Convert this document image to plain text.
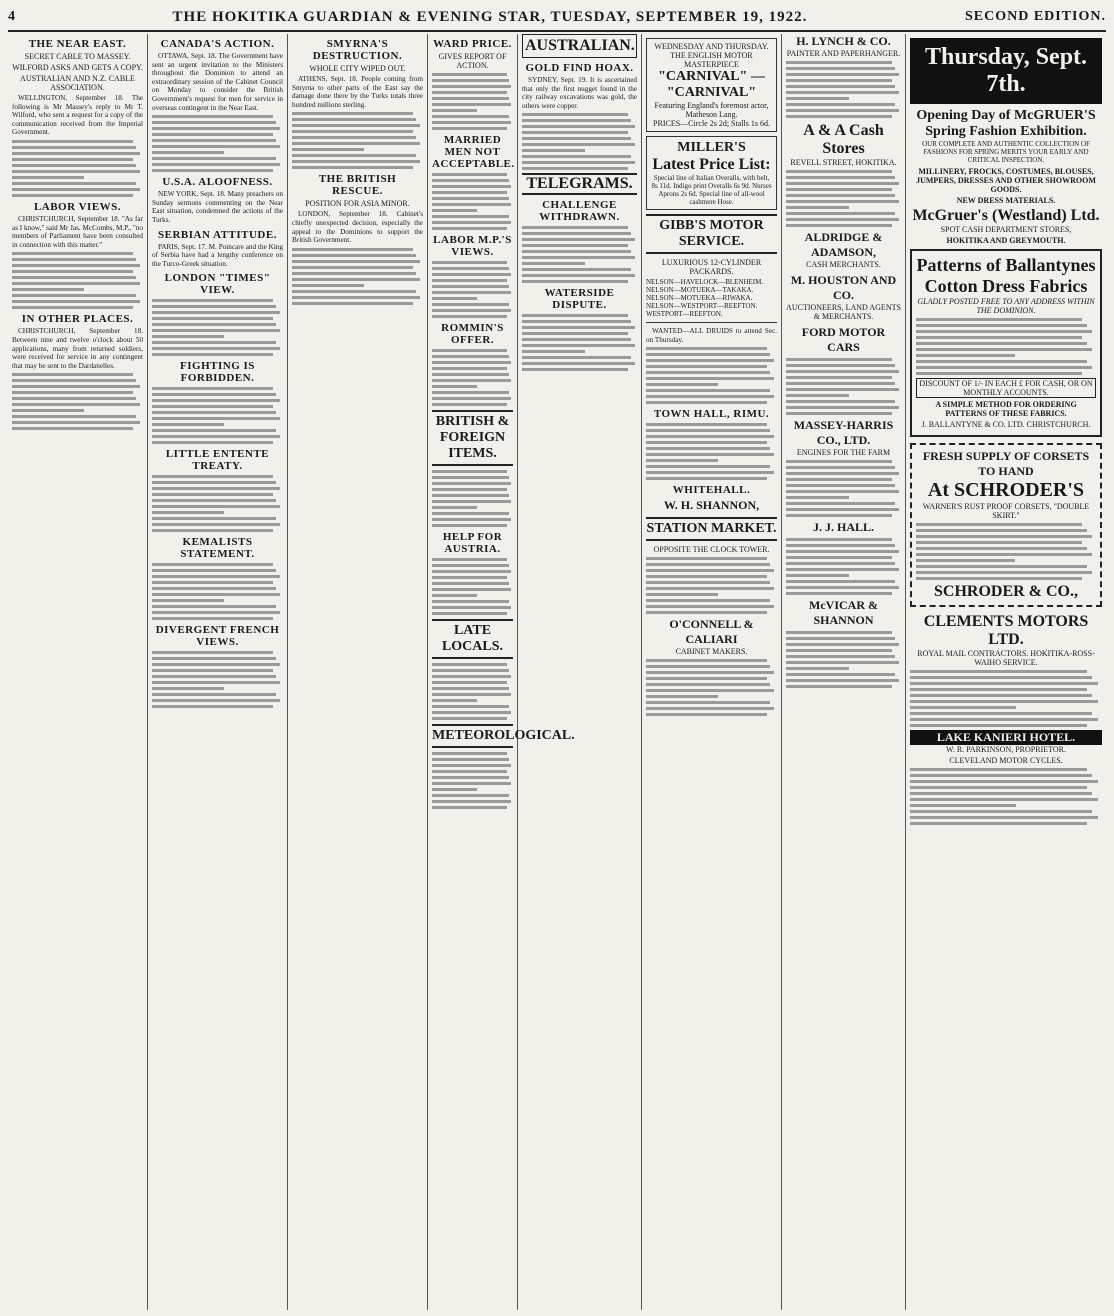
4	THE HOKITIKA GUARDIAN & EVENING STAR, TUESDAY, SEPTEMBER 19, 1922.	SECOND EDITION.
THE NEAR EAST.
SECRET CABLE TO MASSEY.
WILFORD ASKS AND GETS A COPY.
AUSTRALIAN AND N.Z. CABLE ASSOCIATION.

WELLINGTON, September 18. The following is Mr Massey's reply to Mr T. Wilford, who sent a request for a copy of the communication received from the Imperial Government.

LABOR VIEWS.

CHRISTCHURCH, September 18. "As far as I know," said Mr Jas. McCombs, M.P., "no members of Parliament have been consulted in connection with this matter."

IN OTHER PLACES.

CHRISTCHURCH, September 18. Between nine and twelve o'clock about 50 applications, many from returned soldiers, were received for service in any contingent that may be sent to the Dardanelles.

CANADA'S ACTION.

OTTAWA, Sept. 18. The Government have sent an urgent invitation to the Ministers throughout the Dominion to attend an extraordinary session of the Cabinet Council on Monday to consider the British Government's request for men for service in overseas contingent in the Near East.

U.S.A. ALOOFNESS.

NEW YORK, Sept. 18. Many preachers on Sunday sermons commenting on the Near East situation, condemned the actions of the Turks.

SERBIAN ATTITUDE.

PARIS, Sept. 17. M. Poincare and the King of Serbia have had a lengthy conference on the Turco-Greek situation.

LONDON "TIMES" VIEW.
FIGHTING IS FORBIDDEN.
LITTLE ENTENTE TREATY.
KEMALISTS STATEMENT.
DIVERGENT FRENCH VIEWS.
SMYRNA'S DESTRUCTION.
WHOLE CITY WIPED OUT.

ATHENS, Sept. 18. People coming from Smyrna to other parts of the East say the damage done there by the Turks totals three hundred millions sterling.

THE BRITISH RESCUE.
POSITION FOR ASIA MINOR.

LONDON, September 18. Cabinet's chiefly unexpected decision, especially the appeal to the Dominions to support the British Government.

WARD PRICE.
GIVES REPORT OF ACTION.
MARRIED MEN NOT ACCEPTABLE.
LABOR M.P.'S VIEWS.
ROMMIN'S OFFER.
BRITISH & FOREIGN ITEMS.
HELP FOR AUSTRIA.
LATE LOCALS.
METEOROLOGICAL.
AUSTRALIAN.
GOLD FIND HOAX.

SYDNEY, Sept. 19. It is ascertained that only the first nugget found in the city railway excavations was gold, the others were copper.

TELEGRAMS.
CHALLENGE WITHDRAWN.
WATERSIDE DISPUTE.
WEDNESDAY AND THURSDAY.
THE ENGLISH MOTOR MASTERPIECE
"CARNIVAL" — "CARNIVAL"
Featuring England's foremost actor, Matheson Lang.
PRICES—Circle 2s 2d; Stalls 1s 6d.
MILLER'S
Latest Price List:
Special line of Italian Overalls, with belt, 8s 11d. Indigo print Overalls 6s 9d. Nurses Aprons 2s 6d. Special line of all-wool cashmere Hose.
GIBB'S MOTOR SERVICE.
LUXURIOUS 12-CYLINDER PACKARDS.
NELSON—HAVELOCK—BLENHEIM. NELSON—MOTUEKA—TAKAKA. NELSON—MOTUEKA—RIWAKA. NELSON—WESTPORT—REEFTON. WESTPORT—REEFTON.

WANTED—ALL DRUIDS to attend Sec. on Thursday.

TOWN HALL, RIMU.
WHITEHALL.
W. H. SHANNON,
STATION MARKET.
OPPOSITE THE CLOCK TOWER.
O'CONNELL & CALIARI
CABINET MAKERS.
H. LYNCH & CO.
PAINTER AND PAPERHANGER.
A & A Cash Stores
REVELL STREET, HOKITIKA.
ALDRIDGE & ADAMSON,
CASH MERCHANTS.
M. HOUSTON AND CO.
AUCTIONEERS, LAND AGENTS & MERCHANTS.
FORD MOTOR CARS
MASSEY-HARRIS CO., LTD.
ENGINES FOR THE FARM
J. J. HALL.
McVICAR & SHANNON
Thursday, Sept. 7th.
Opening Day of McGRUER'S Spring Fashion Exhibition.

OUR COMPLETE AND AUTHENTIC COLLECTION OF FASHIONS FOR SPRING MERITS YOUR EARLY AND CRITICAL INSPECTION.

MILLINERY, FROCKS, COSTUMES, BLOUSES, JUMPERS, DRESSES AND OTHER SHOWROOM GOODS.
NEW DRESS MATERIALS.
McGruer's (Westland) Ltd.
SPOT CASH DEPARTMENT STORES,
HOKITIKA AND GREYMOUTH.
Patterns of Ballantynes Cotton Dress Fabrics
GLADLY POSTED FREE TO ANY ADDRESS WITHIN THE DOMINION.
DISCOUNT OF 1/- IN EACH £ FOR CASH, OR ON MONTHLY ACCOUNTS.
A SIMPLE METHOD FOR ORDERING PATTERNS OF THESE FABRICS.
J. BALLANTYNE & CO. LTD. CHRISTCHURCH.
FRESH SUPPLY OF CORSETS TO HAND
At SCHRODER'S
WARNER'S RUST PROOF CORSETS, "DOUBLE SKIRT."
SCHRODER & CO.,
CLEMENTS MOTORS LTD.
ROYAL MAIL CONTRACTORS. HOKITIKA-ROSS-WAIHO SERVICE.
LAKE KANIERI HOTEL.
W. R. PARKINSON, PROPRIETOR.
CLEVELAND MOTOR CYCLES.
